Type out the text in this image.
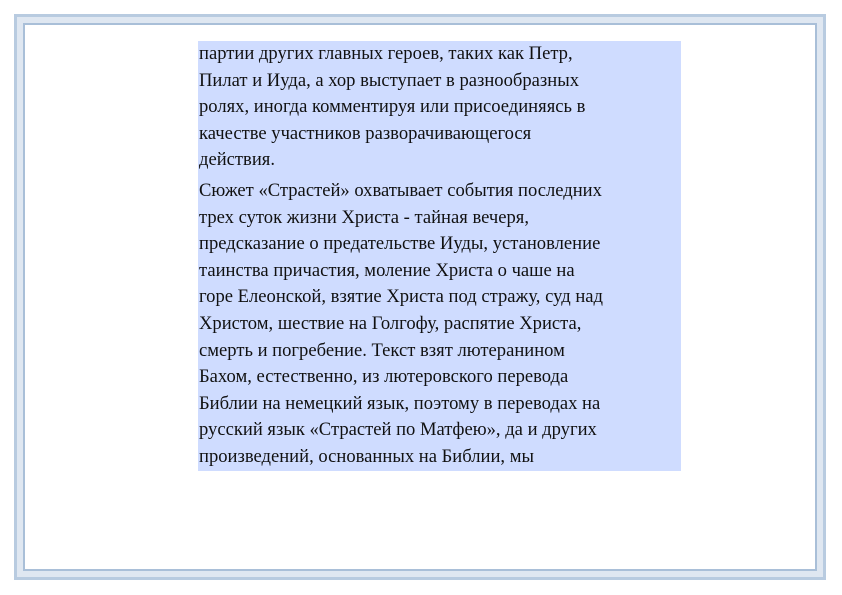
партии других главных героев, таких как Петр,
Пилат и Иуда, а хор выступает в разнообразных
ролях, иногда комментируя или присоединяясь в
качестве участников разворачивающегося
действия.

Сюжет «Страстей» охватывает события последних
трех суток жизни Христа - тайная вечеря,
предсказание о предательстве Иуды, установление
таинства причастия, моление Христа о чаше на
горе Елеонской, взятие Христа под стражу, суд над
Христом, шествие на Голгофу, распятие Христа,
смерть и погребение. Текст взят лютеранином
Бахом, естественно, из лютеровского перевода
Библии на немецкий язык, поэтому в переводах на
русский язык «Страстей по Матфею», да и других
произведений, основанных на Библии, мы
